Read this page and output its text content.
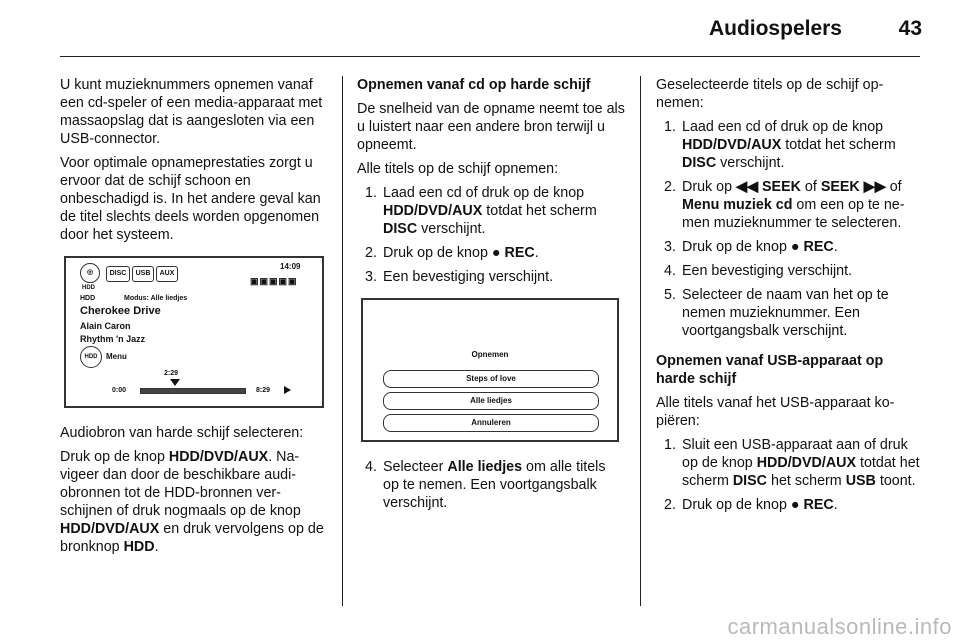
Audiospelers	43

U kunt muzieknummers opnemen vanaf een cd-speler of een media-apparaat met massaopslag dat is aangesloten via een USB-connector.

Voor optimale opnameprestaties zorgt u ervoor dat de schijf schoon en onbeschadigd is. In het andere geval kan de titel slechts deels worden opgenomen door het systeem.

◎
HDD
DISC	USB	AUX
14:09
▣▣▣▣▣
HDD	Modus: Alle liedjes
Cherokee Drive
Alain Caron
Rhythm 'n Jazz
HDD	Menu
2:29
0:00	8:29

Audiobron van harde schijf selecteren:

Druk op de knop HDD/DVD/AUX. Navigeer dan door de beschikbare audiobronnen tot de HDD-bronnen verschijnen of druk nogmaals op de knop HDD/DVD/AUX en druk vervolgens op de bronknop HDD.

Opnemen vanaf cd op harde schijf

De snelheid van de opname neemt toe als u luistert naar een andere bron terwijl u opneemt.

Alle titels op de schijf opnemen:

1. Laad een cd of druk op de knop HDD/DVD/AUX totdat het scherm DISC verschijnt.
2. Druk op de knop ● REC.
3. Een bevestiging verschijnt.
Opnemen
Steps of love
Alle liedjes
Annuleren
4. Selecteer Alle liedjes om alle titels op te nemen. Een voortgangsbalk verschijnt.

Geselecteerde titels op de schijf opnemen:

1. Laad een cd of druk op de knop HDD/DVD/AUX totdat het scherm DISC verschijnt.
2. Druk op ◀◀ SEEK of SEEK ▶▶ of Menu muziek cd om een op te nemen muzieknummer te selecteren.
3. Druk op de knop ● REC.
4. Een bevestiging verschijnt.
5. Selecteer de naam van het op te nemen muzieknummer. Een voortgangsbalk verschijnt.

Opnemen vanaf USB-apparaat op harde schijf

Alle titels vanaf het USB-apparaat kopiëren:

1. Sluit een USB-apparaat aan of druk op de knop HDD/DVD/AUX totdat het scherm DISC het scherm USB toont.
2. Druk op de knop ● REC.
carmanualsonline.info
